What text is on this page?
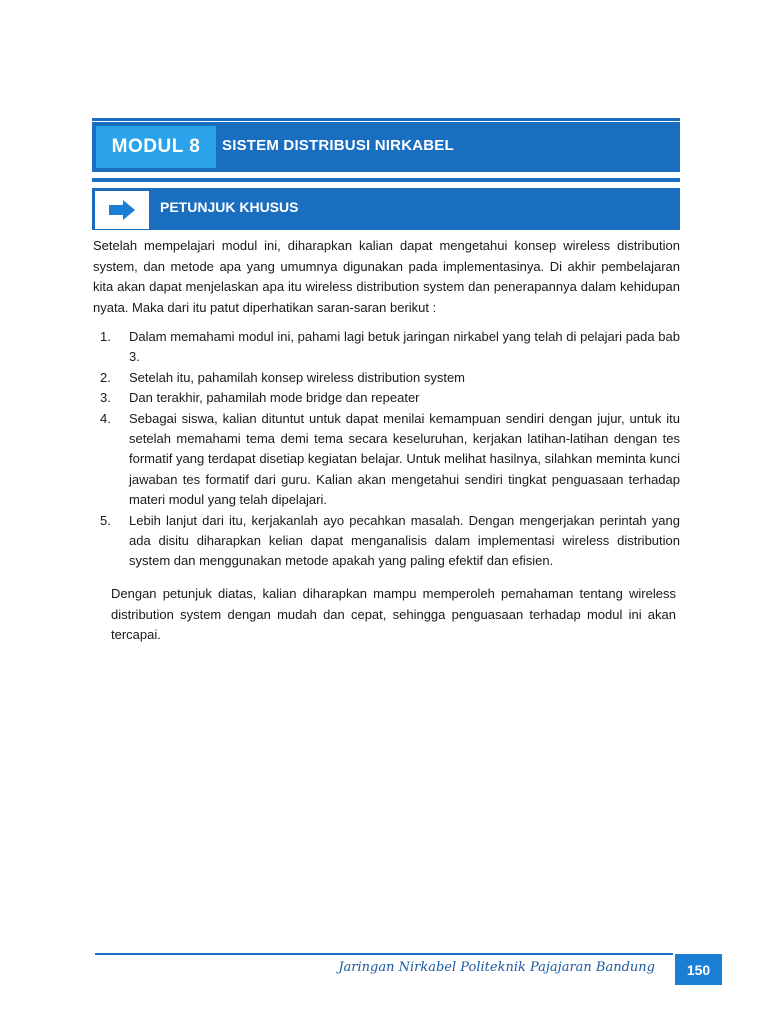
MODUL 8 SISTEM DISTRIBUSI NIRKABEL
PETUNJUK KHUSUS

Setelah mempelajari modul ini, diharapkan kalian dapat mengetahui konsep wireless distribution system, dan metode apa yang umumnya digunakan pada implementasinya. Di akhir pembelajaran kita akan dapat menjelaskan apa itu wireless distribution system dan penerapannya dalam kehidupan nyata. Maka dari itu patut diperhatikan saran-saran berikut :

1.	Dalam memahami modul ini, pahami lagi betuk jaringan nirkabel yang telah di pelajari pada bab 3.
2.	Setelah itu, pahamilah konsep wireless distribution system
3.	Dan terakhir, pahamilah mode bridge dan repeater
4.	Sebagai siswa, kalian dituntut untuk dapat menilai kemampuan sendiri dengan jujur, untuk itu setelah memahami tema demi tema secara keseluruhan, kerjakan latihan-latihan dengan tes formatif yang terdapat disetiap kegiatan belajar. Untuk melihat hasilnya, silahkan meminta kunci jawaban tes formatif dari guru. Kalian akan mengetahui sendiri tingkat penguasaan terhadap materi modul yang telah dipelajari.
5.	Lebih lanjut dari itu, kerjakanlah ayo pecahkan masalah. Dengan mengerjakan perintah yang ada disitu diharapkan kelian dapat menganalisis dalam implementasi wireless distribution system dan menggunakan metode apakah yang paling efektif dan efisien.

Dengan petunjuk diatas, kalian diharapkan mampu memperoleh pemahaman tentang wireless distribution system dengan mudah dan cepat, sehingga penguasaan terhadap modul ini akan tercapai.

Jaringan Nirkabel Politeknik Pajajaran Bandung	150
